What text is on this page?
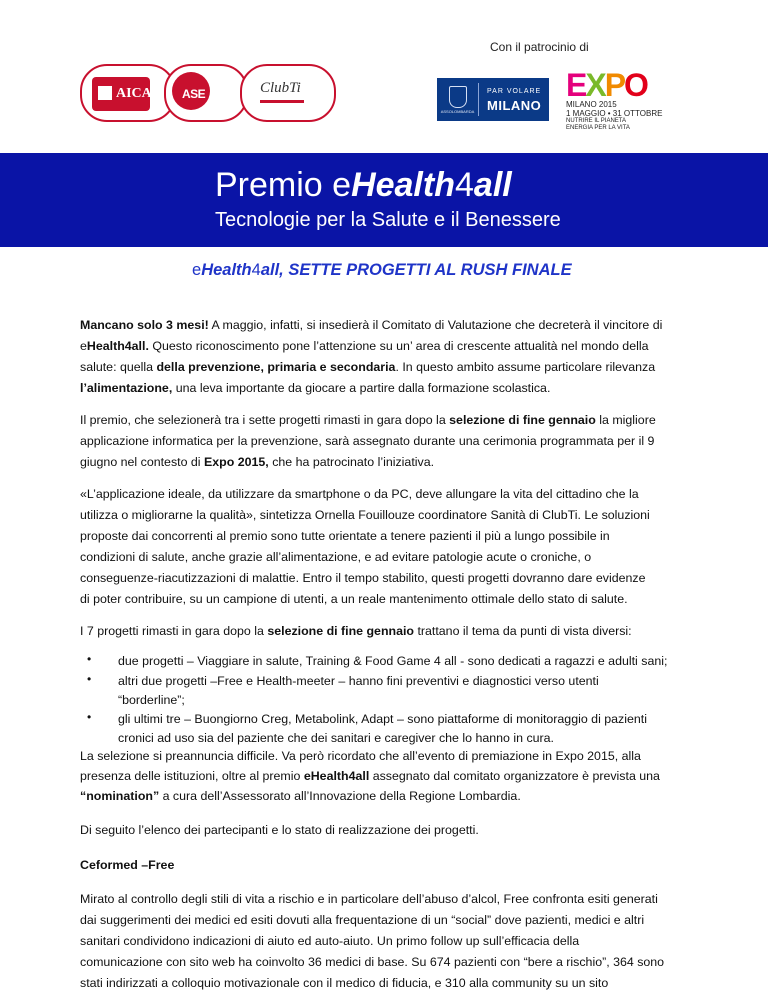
Con il patrocinio di
AICA	ASE	ClubTi
ASSOLOMBARDA
PAR VOLARE
MILANO
EXPO
MILANO 2015
1 MAGGIO • 31 OTTOBRE
NUTRIRE IL PIANETA
ENERGIA PER LA VITA
Premio eHealth4all
Tecnologie per la Salute e il Benessere
eHealth4all, SETTE PROGETTI AL RUSH FINALE
Mancano solo 3 mesi! A maggio, infatti, si insedierà il Comitato di Valutazione che decreterà il vincitore di
eHealth4all. Questo riconoscimento pone l’attenzione su un’ area di crescente attualità nel mondo della
salute: quella della prevenzione, primaria e secondaria. In questo ambito assume particolare rilevanza
l’alimentazione, una leva importante da giocare a partire dalla formazione scolastica.
Il premio, che selezionerà tra i sette progetti rimasti in gara dopo la selezione di fine gennaio la migliore
applicazione informatica per la prevenzione, sarà assegnato durante una cerimonia programmata per il 9
giugno nel contesto di Expo 2015, che ha patrocinato l’iniziativa.
«L’applicazione ideale, da utilizzare da smartphone o da PC, deve allungare la vita del cittadino che la
utilizza o migliorarne la qualità», sintetizza Ornella Fouillouze coordinatore Sanità di ClubTi. Le soluzioni
proposte dai concorrenti al premio sono tutte orientate a tenere pazienti il più a lungo possibile in
condizioni di salute, anche grazie all’alimentazione, e ad evitare patologie acute o croniche, o
conseguenze-riacutizzazioni di malattie. Entro il tempo stabilito, questi progetti dovranno dare evidenze
di poter contribuire, su un campione di utenti, a un reale mantenimento ottimale dello stato di salute.
I 7 progetti rimasti in gara dopo la selezione di fine gennaio trattano il tema da punti di vista diversi:
• due progetti – Viaggiare in salute, Training & Food Game 4 all - sono dedicati a ragazzi e adulti sani;
• altri due progetti –Free e Health-meeter – hanno fini preventivi e diagnostici verso utenti
“borderline”;
• gli ultimi tre – Buongiorno Creg, Metabolink, Adapt – sono piattaforme di monitoraggio di pazienti
cronici ad uso sia del paziente che dei sanitari e caregiver che lo hanno in cura.
La selezione si preannuncia difficile. Va però ricordato che all’evento di premiazione in Expo 2015, alla
presenza delle istituzioni, oltre al premio eHealth4all assegnato dal comitato organizzatore è prevista una
“nomination” a cura dell’Assessorato all’Innovazione della Regione Lombardia.
Di seguito l’elenco dei partecipanti e lo stato di realizzazione dei progetti.
Ceformed –Free
Mirato al controllo degli stili di vita a rischio e in particolare dell’abuso d’alcol, Free confronta esiti generati
dai suggerimenti dei medici ed esiti dovuti alla frequentazione di un “social” dove pazienti, medici e altri
sanitari condividono indicazioni di aiuto ed auto-aiuto. Un primo follow up sull’efficacia della
comunicazione con sito web ha coinvolto 36 medici di base. Su 674 pazienti con “bere a rischio”, 364 sono
stati indirizzati a colloquio motivazionale con il medico di fiducia, e 310 alla community su un sito
